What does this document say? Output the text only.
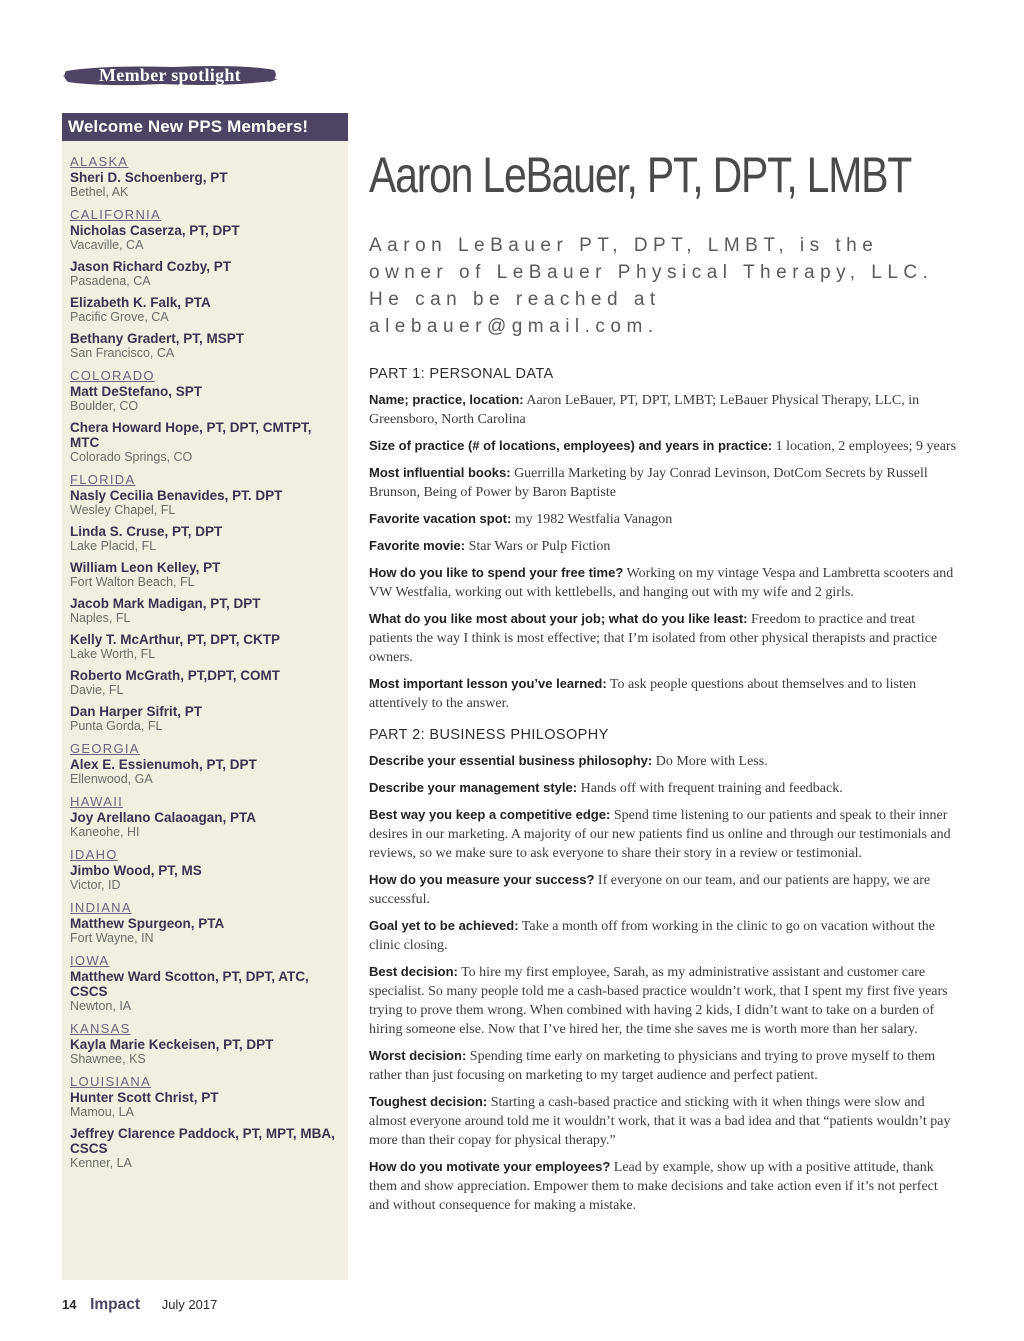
Member spotlight
Welcome New PPS Members!
ALASKA
Sheri D. Schoenberg, PT
Bethel, AK
CALIFORNIA
Nicholas Caserza, PT, DPT
Vacaville, CA
Jason Richard Cozby, PT
Pasadena, CA
Elizabeth K. Falk, PTA
Pacific Grove, CA
Bethany Gradert, PT, MSPT
San Francisco, CA
COLORADO
Matt DeStefano, SPT
Boulder, CO
Chera Howard Hope, PT, DPT, CMTPT, MTC
Colorado Springs, CO
FLORIDA
Nasly Cecilia Benavides, PT. DPT
Wesley Chapel, FL
Linda S. Cruse, PT, DPT
Lake Placid, FL
William Leon Kelley, PT
Fort Walton Beach, FL
Jacob Mark Madigan, PT, DPT
Naples, FL
Kelly T. McArthur, PT, DPT, CKTP
Lake Worth, FL
Roberto McGrath, PT,DPT, COMT
Davie, FL
Dan Harper Sifrit, PT
Punta Gorda, FL
GEORGIA
Alex E. Essienumoh, PT, DPT
Ellenwood, GA
HAWAII
Joy Arellano Calaoagan, PTA
Kaneohe, HI
IDAHO
Jimbo Wood, PT, MS
Victor, ID
INDIANA
Matthew Spurgeon, PTA
Fort Wayne, IN
IOWA
Matthew Ward Scotton, PT, DPT, ATC, CSCS
Newton, IA
KANSAS
Kayla Marie Keckeisen, PT, DPT
Shawnee, KS
LOUISIANA
Hunter Scott Christ, PT
Mamou, LA
Jeffrey Clarence Paddock, PT, MPT, MBA, CSCS
Kenner, LA
Aaron LeBauer, PT, DPT, LMBT
Aaron LeBauer PT, DPT, LMBT, is the owner of LeBauer Physical Therapy, LLC. He can be reached at alebauer@gmail.com.
PART 1: PERSONAL DATA
Name; practice, location: Aaron LeBauer, PT, DPT, LMBT; LeBauer Physical Therapy, LLC, in Greensboro, North Carolina
Size of practice (# of locations, employees) and years in practice: 1 location, 2 employees; 9 years
Most influential books: Guerrilla Marketing by Jay Conrad Levinson, DotCom Secrets by Russell Brunson, Being of Power by Baron Baptiste
Favorite vacation spot: my 1982 Westfalia Vanagon
Favorite movie: Star Wars or Pulp Fiction
How do you like to spend your free time? Working on my vintage Vespa and Lambretta scooters and VW Westfalia, working out with kettlebells, and hanging out with my wife and 2 girls.
What do you like most about your job; what do you like least: Freedom to practice and treat patients the way I think is most effective; that I’m isolated from other physical therapists and practice owners.
Most important lesson you’ve learned: To ask people questions about themselves and to listen attentively to the answer.
PART 2: BUSINESS PHILOSOPHY
Describe your essential business philosophy: Do More with Less.
Describe your management style: Hands off with frequent training and feedback.
Best way you keep a competitive edge: Spend time listening to our patients and speak to their inner desires in our marketing. A majority of our new patients find us online and through our testimonials and reviews, so we make sure to ask everyone to share their story in a review or testimonial.
How do you measure your success? If everyone on our team, and our patients are happy, we are successful.
Goal yet to be achieved: Take a month off from working in the clinic to go on vacation without the clinic closing.
Best decision: To hire my first employee, Sarah, as my administrative assistant and customer care specialist. So many people told me a cash-based practice wouldn’t work, that I spent my first five years trying to prove them wrong. When combined with having 2 kids, I didn’t want to take on a burden of hiring someone else. Now that I’ve hired her, the time she saves me is worth more than her salary.
Worst decision: Spending time early on marketing to physicians and trying to prove myself to them rather than just focusing on marketing to my target audience and perfect patient.
Toughest decision: Starting a cash-based practice and sticking with it when things were slow and almost everyone around told me it wouldn’t work, that it was a bad idea and that “patients wouldn’t pay more than their copay for physical therapy.”
How do you motivate your employees? Lead by example, show up with a positive attitude, thank them and show appreciation. Empower them to make decisions and take action even if it’s not perfect and without consequence for making a mistake.
14 Impact July 2017
